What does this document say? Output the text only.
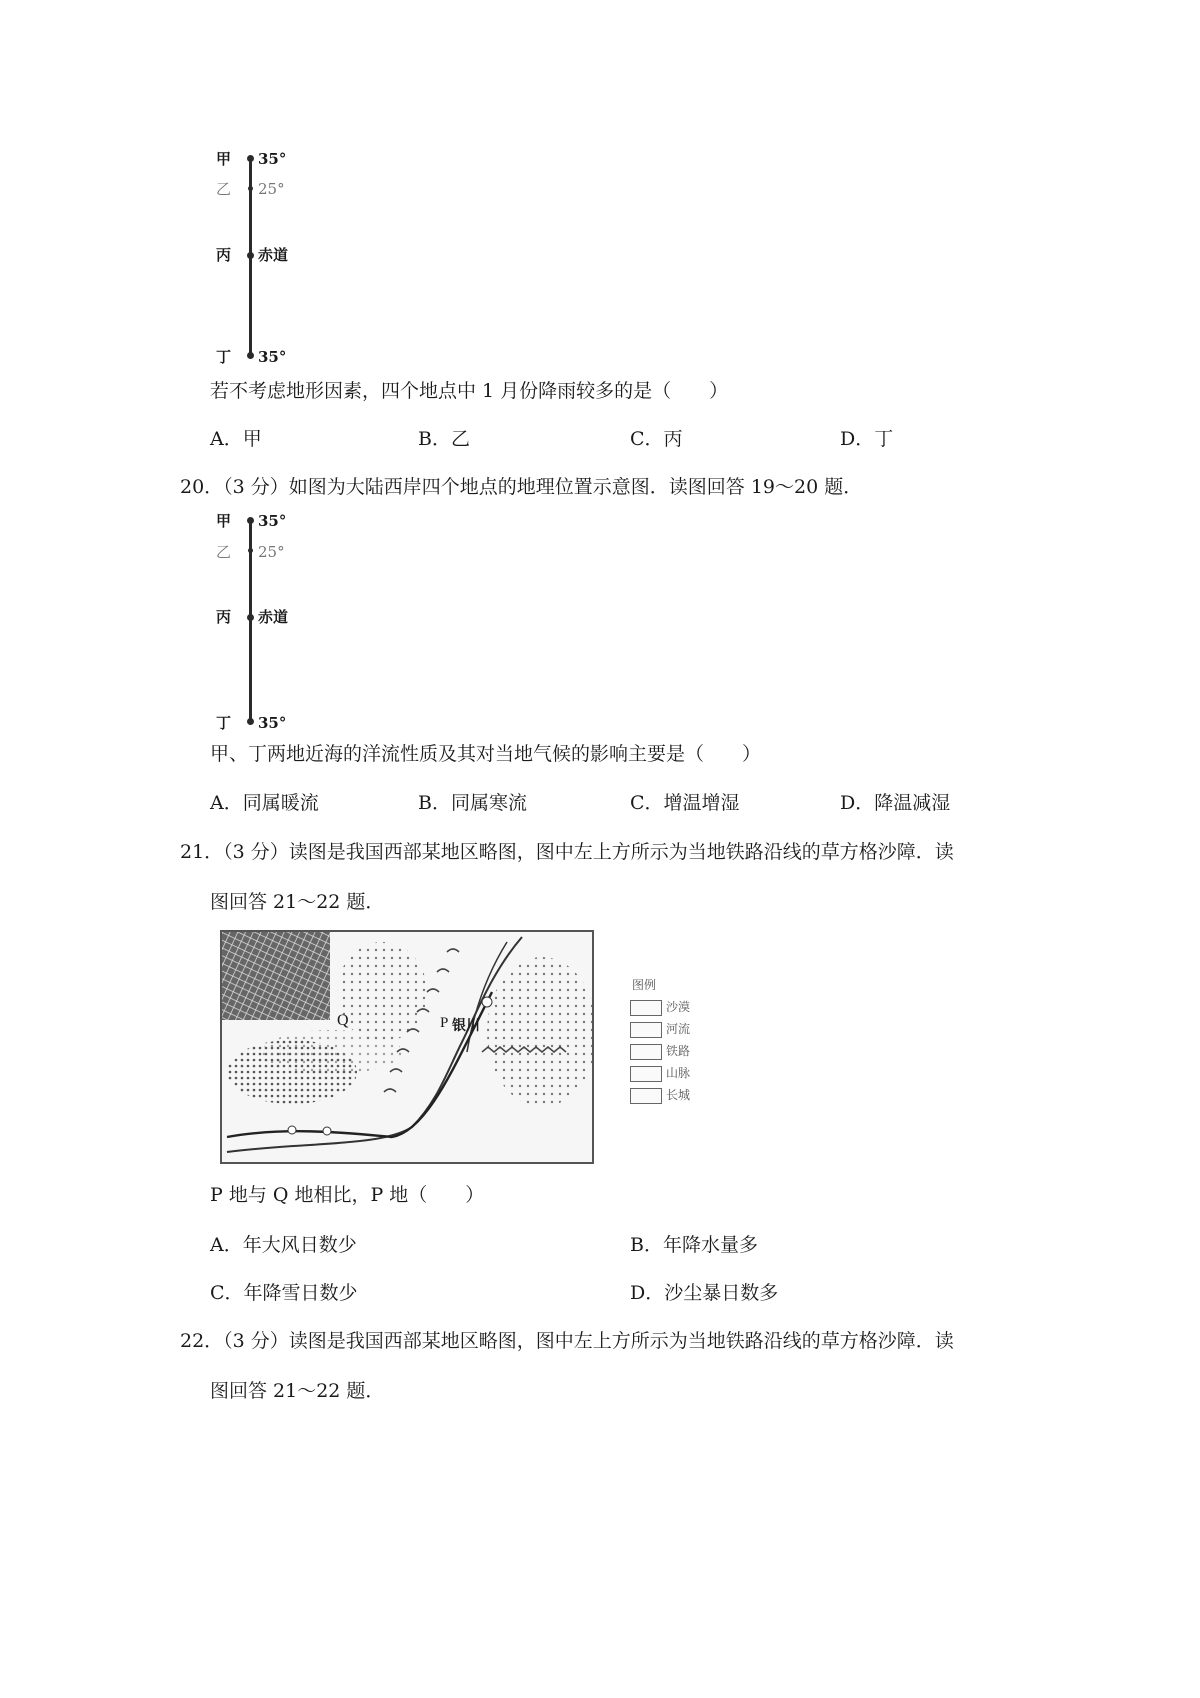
甲
乙
丙
丁
35°
25°
赤道
35°
若不考虑地形因素，四个地点中 1 月份降雨较多的是（　　）
A．甲	B．乙	C．丙	D．丁
20．（3 分）如图为大陆西岸四个地点的地理位置示意图．读图回答 19～20 题．
甲
乙
丙
丁
35°
25°
赤道
35°
甲、丁两地近海的洋流性质及其对当地气候的影响主要是（　　）
A．同属暖流	B．同属寒流	C．增温增湿	D．降温减湿
21．（3 分）读图是我国西部某地区略图，图中左上方所示为当地铁路沿线的草方格沙障．读
图回答 21～22 题．
Q	P 银川
图例
沙漠
河流
铁路
山脉
长城
P 地与 Q 地相比，P 地（　　）
A．年大风日数少	B．年降水量多
C．年降雪日数少	D．沙尘暴日数多
22．（3 分）读图是我国西部某地区略图，图中左上方所示为当地铁路沿线的草方格沙障．读
图回答 21～22 题．
